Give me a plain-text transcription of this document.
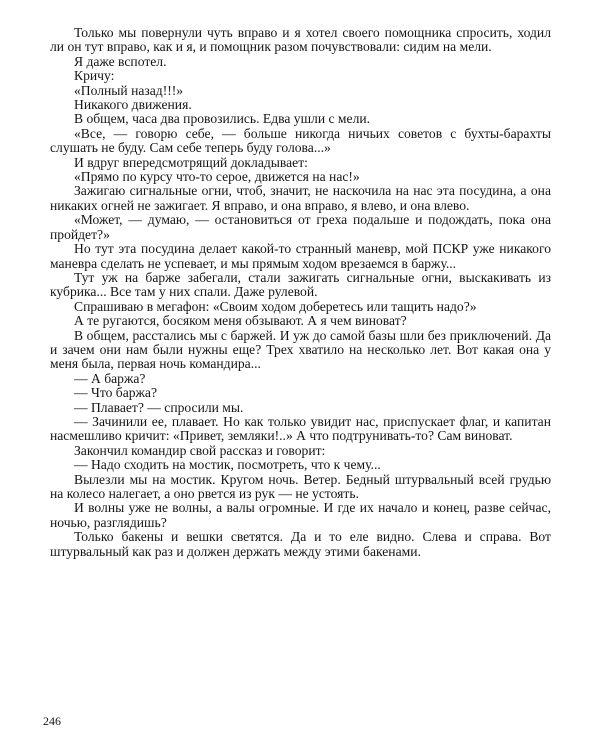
Только мы повернули чуть вправо и я хотел своего помощника спросить, ходил ли он тут вправо, как и я, и помощник разом почувствовали: сидим на мели.

Я даже вспотел.

Кричу:

«Полный назад!!!»

Никакого движения.

В общем, часа два провозились. Едва ушли с мели.

«Все, — говорю себе, — больше никогда ничьих советов с бухты-барахты слушать не буду. Сам себе теперь буду голова...»

И вдруг впередсмотрящий докладывает:

«Прямо по курсу что-то серое, движется на нас!»

Зажигаю сигнальные огни, чтоб, значит, не наскочила на нас эта посудина, а она никаких огней не зажигает. Я вправо, и она вправо, я влево, и она влево.

«Может, — думаю, — остановиться от греха подальше и подождать, пока она пройдет?»

Но тут эта посудина делает какой-то странный маневр, мой ПСКР уже никакого маневра сделать не успевает, и мы прямым ходом врезаемся в баржу...

Тут уж на барже забегали, стали зажигать сигнальные огни, выскакивать из кубрика... Все там у них спали. Даже рулевой.

Спрашиваю в мегафон: «Своим ходом доберетесь или тащить надо?»

А те ругаются, босяком меня обзывают. А я чем виноват?

В общем, расстались мы с баржей. И уж до самой базы шли без приключений. Да и зачем они нам были нужны еще? Трех хватило на несколько лет. Вот какая она у меня была, первая ночь командира...

— А баржа?

— Что баржа?

— Плавает? — спросили мы.

— Зачинили ее, плавает. Но как только увидит нас, приспускает флаг, и капитан насмешливо кричит: «Привет, земляки!..» А что подтрунивать-то? Сам виноват.

Закончил командир свой рассказ и говорит:

— Надо сходить на мостик, посмотреть, что к чему...

Вылезли мы на мостик. Кругом ночь. Ветер. Бедный штурвальный всей грудью на колесо налегает, а оно рвется из рук — не устоять.

И волны уже не волны, а валы огромные. И где их начало и конец, разве сейчас, ночью, разглядишь?

Только бакены и вешки светятся. Да и то еле видно. Слева и справа. Вот штурвальный как раз и должен держать между этими бакенами.

246
